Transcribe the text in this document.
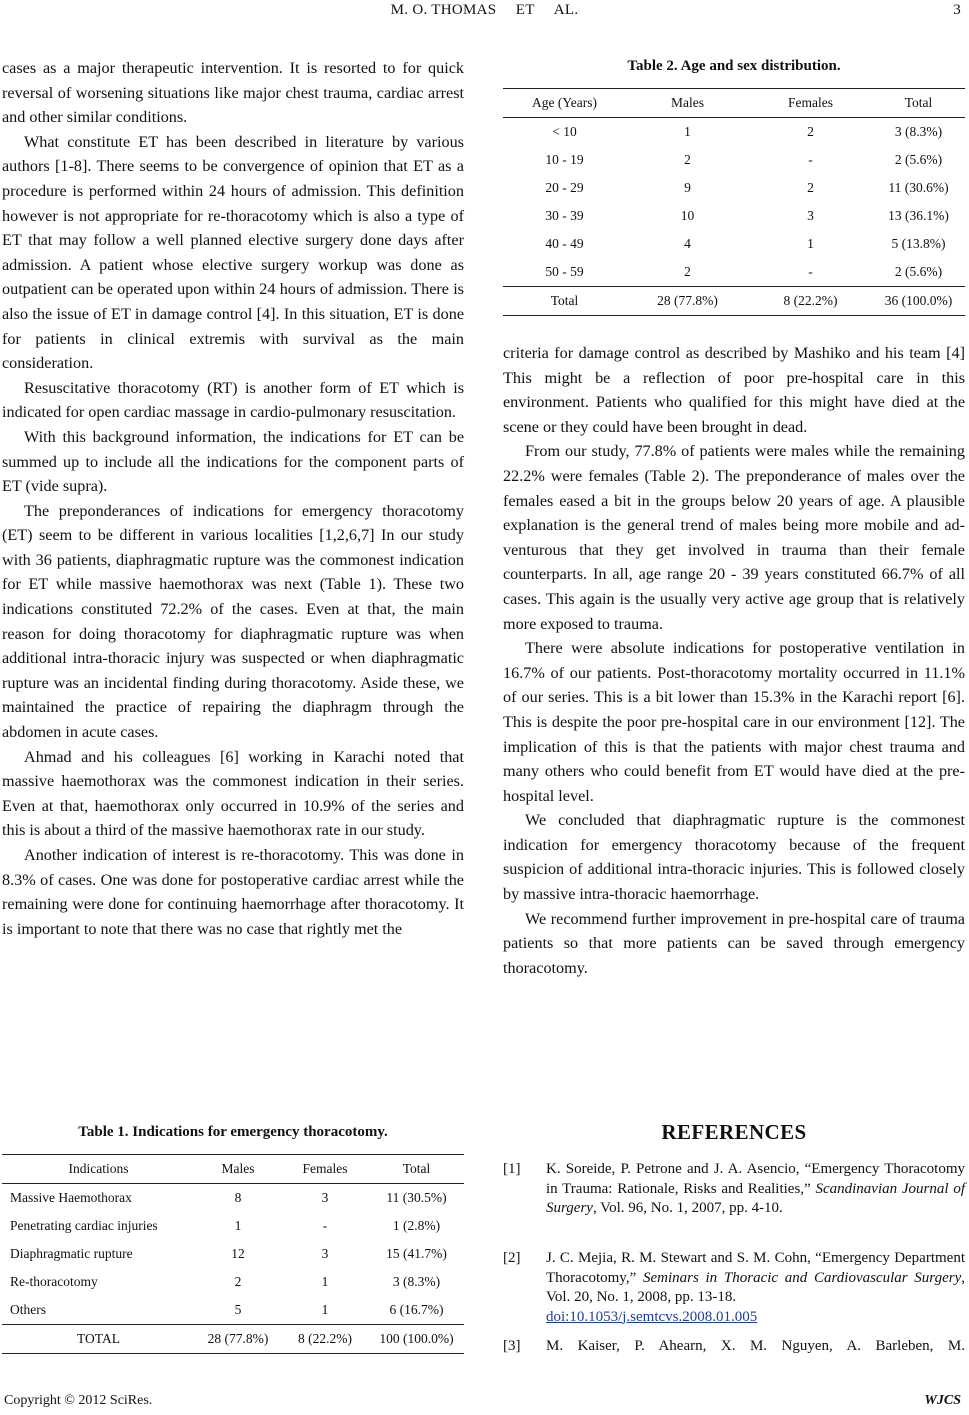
M. O. THOMAS  ET  AL.	3

cases as a major therapeutic intervention. It is resorted to for quick reversal of worsening situations like major chest trauma, cardiac arrest and other similar conditions.

What constitute ET has been described in literature by various authors [1-8]. There seems to be convergence of opinion that ET as a procedure is performed within 24 hours of admission. This definition however is not appropriate for re-thoracotomy which is also a type of ET that may follow a well planned elective surgery done days after admission. A patient whose elective surgery workup was done as outpatient can be operated upon within 24 hours of admission. There is also the issue of ET in damage control [4]. In this situation, ET is done for patients in clinical extremis with survival as the main consideration.

Resuscitative thoracotomy (RT) is another form of ET which is indicated for open cardiac massage in cardio-pulmonary resuscitation.

With this background information, the indications for ET can be summed up to include all the indications for the component parts of ET (vide supra).

The preponderances of indications for emergency thoracotomy (ET) seem to be different in various localities [1,2,6,7] In our study with 36 patients, diaphragmatic rupture was the commonest indication for ET while massive haemothorax was next (Table 1). These two indications constituted 72.2% of the cases. Even at that, the main reason for doing thoracotomy for diaphragmatic rupture was when additional intra-thoracic injury was suspected or when diaphragmatic rupture was an incidental finding during thoracotomy. Aside these, we maintained the practice of repairing the diaphragm through the abdomen in acute cases.

Ahmad and his colleagues [6] working in Karachi noted that massive haemothorax was the commonest indication in their series. Even at that, haemothorax only occurred in 10.9% of the series and this is about a third of the massive haemothorax rate in our study.

Another indication of interest is re-thoracotomy. This was done in 8.3% of cases. One was done for postoperative cardiac arrest while the remaining were done for continuing haemorrhage after thoracotomy. It is important to note that there was no case that rightly met the

Table 1. Indications for emergency thoracotomy.
Indications	Males	Females	Total
Massive Haemothorax	8	3	11 (30.5%)
Penetrating cardiac injuries	1	-	1 (2.8%)
Diaphragmatic rupture	12	3	15 (41.7%)
Re-thoracotomy	2	1	3 (8.3%)
Others	5	1	6 (16.7%)
TOTAL	28 (77.8%)	8 (22.2%)	100 (100.0%)
Table 2. Age and sex distribution.
Age (Years)	Males	Females	Total
< 10	1	2	3 (8.3%)
10 - 19	2	-	2 (5.6%)
20 - 29	9	2	11 (30.6%)
30 - 39	10	3	13 (36.1%)
40 - 49	4	1	5 (13.8%)
50 - 59	2	-	2 (5.6%)
Total	28 (77.8%)	8 (22.2%)	36 (100.0%)

criteria for damage control as described by Mashiko and his team [4] This might be a reflection of poor pre-hospital care in this environment. Patients who qualified for this might have died at the scene or they could have been brought in dead.

From our study, 77.8% of patients were males while the remaining 22.2% were females (Table 2). The preponderance of males over the females eased a bit in the groups below 20 years of age. A plausible explanation is the general trend of males being more mobile and adventurous that they get involved in trauma than their female counterparts. In all, age range 20 - 39 years constituted 66.7% of all cases. This again is the usually very active age group that is relatively more exposed to trauma.

There were absolute indications for postoperative ventilation in 16.7% of our patients. Post-thoracotomy mortality occurred in 11.1% of our series. This is a bit lower than 15.3% in the Karachi report [6]. This is despite the poor pre-hospital care in our environment [12]. The implication of this is that the patients with major chest trauma and many others who could benefit from ET would have died at the pre-hospital level.

We concluded that diaphragmatic rupture is the commonest indication for emergency thoracotomy because of the frequent suspicion of additional intra-thoracic injuries. This is followed closely by massive intra-thoracic haemorrhage.

We recommend further improvement in pre-hospital care of trauma patients so that more patients can be saved through emergency thoracotomy.

REFERENCES
[1] K. Soreide, P. Petrone and J. A. Asencio, “Emergency Thoracotomy in Trauma: Rationale, Risks and Realities,” Scandinavian Journal of Surgery, Vol. 96, No. 1, 2007, pp. 4-10.
[2] J. C. Mejia, R. M. Stewart and S. M. Cohn, “Emergency Department Thoracotomy,” Seminars in Thoracic and Cardiovascular Surgery, Vol. 20, No. 1, 2008, pp. 13-18.
doi:10.1053/j.semtcvs.2008.01.005
[3] M. Kaiser, P. Ahearn, X. M. Nguyen, A. Barleben, M.
Copyright © 2012 SciRes.	WJCS
